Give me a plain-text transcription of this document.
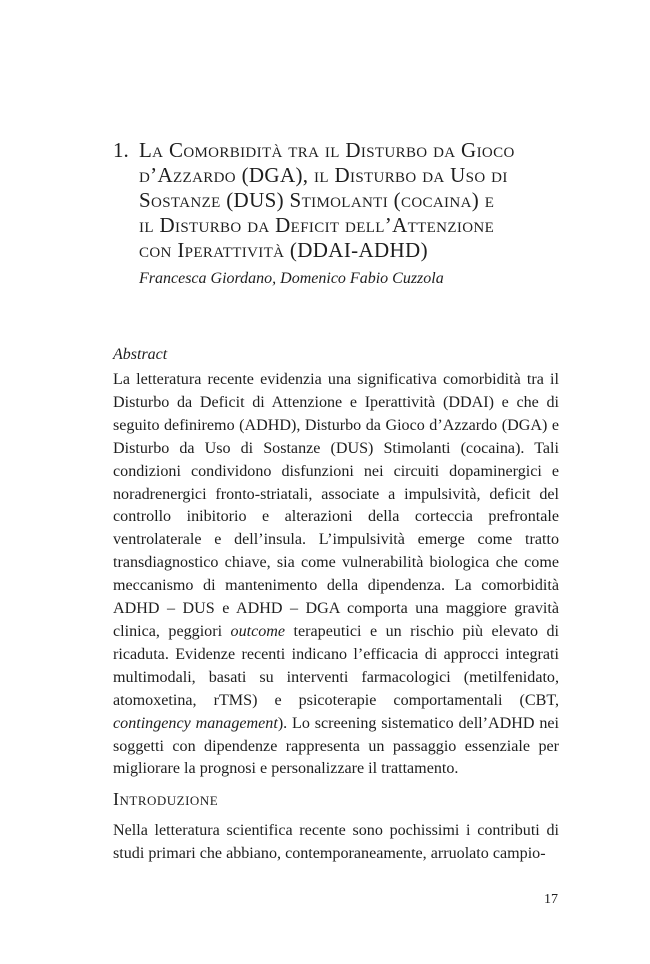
1. La Comorbidità tra il Disturbo da Gioco
d’Azzardo (DGA), il Disturbo da Uso di
Sostanze (DUS) Stimolanti (cocaina) e
il Disturbo da Deficit dell’Attenzione
con Iperattività (DDAI-ADHD)
Francesca Giordano, Domenico Fabio Cuzzola
Abstract

La letteratura recente evidenzia una significativa comorbidità tra il Disturbo da Deficit di Attenzione e Iperattività (DDAI) e che di seguito definiremo (ADHD), Disturbo da Gioco d’Azzardo (DGA) e Disturbo da Uso di Sostanze (DUS) Stimolanti (cocaina). Tali condizioni condividono disfunzioni nei circuiti dopaminergici e noradrenergici fronto-striatali, associate a impulsività, deficit del controllo inibitorio e alterazioni della corteccia prefrontale ventrolaterale e dell’insula. L’impulsività emerge come tratto transdiagnostico chiave, sia come vulnerabilità biologica che come meccanismo di mantenimento della dipendenza. La comorbidità ADHD – DUS e ADHD – DGA comporta una maggiore gravità clinica, peggiori outcome terapeutici e un rischio più elevato di ricaduta. Evidenze recenti indicano l’efficacia di approcci integrati multimodali, basati su interventi farmacologici (metilfenidato, atomoxetina, rTMS) e psicoterapie comportamentali (CBT, contingency management). Lo screening sistematico dell’ADHD nei soggetti con dipendenze rappresenta un passaggio essenziale per migliorare la prognosi e personalizzare il trattamento.

Introduzione

Nella letteratura scientifica recente sono pochissimi i contributi di studi primari che abbiano, contemporaneamente, arruolato campio-

17
